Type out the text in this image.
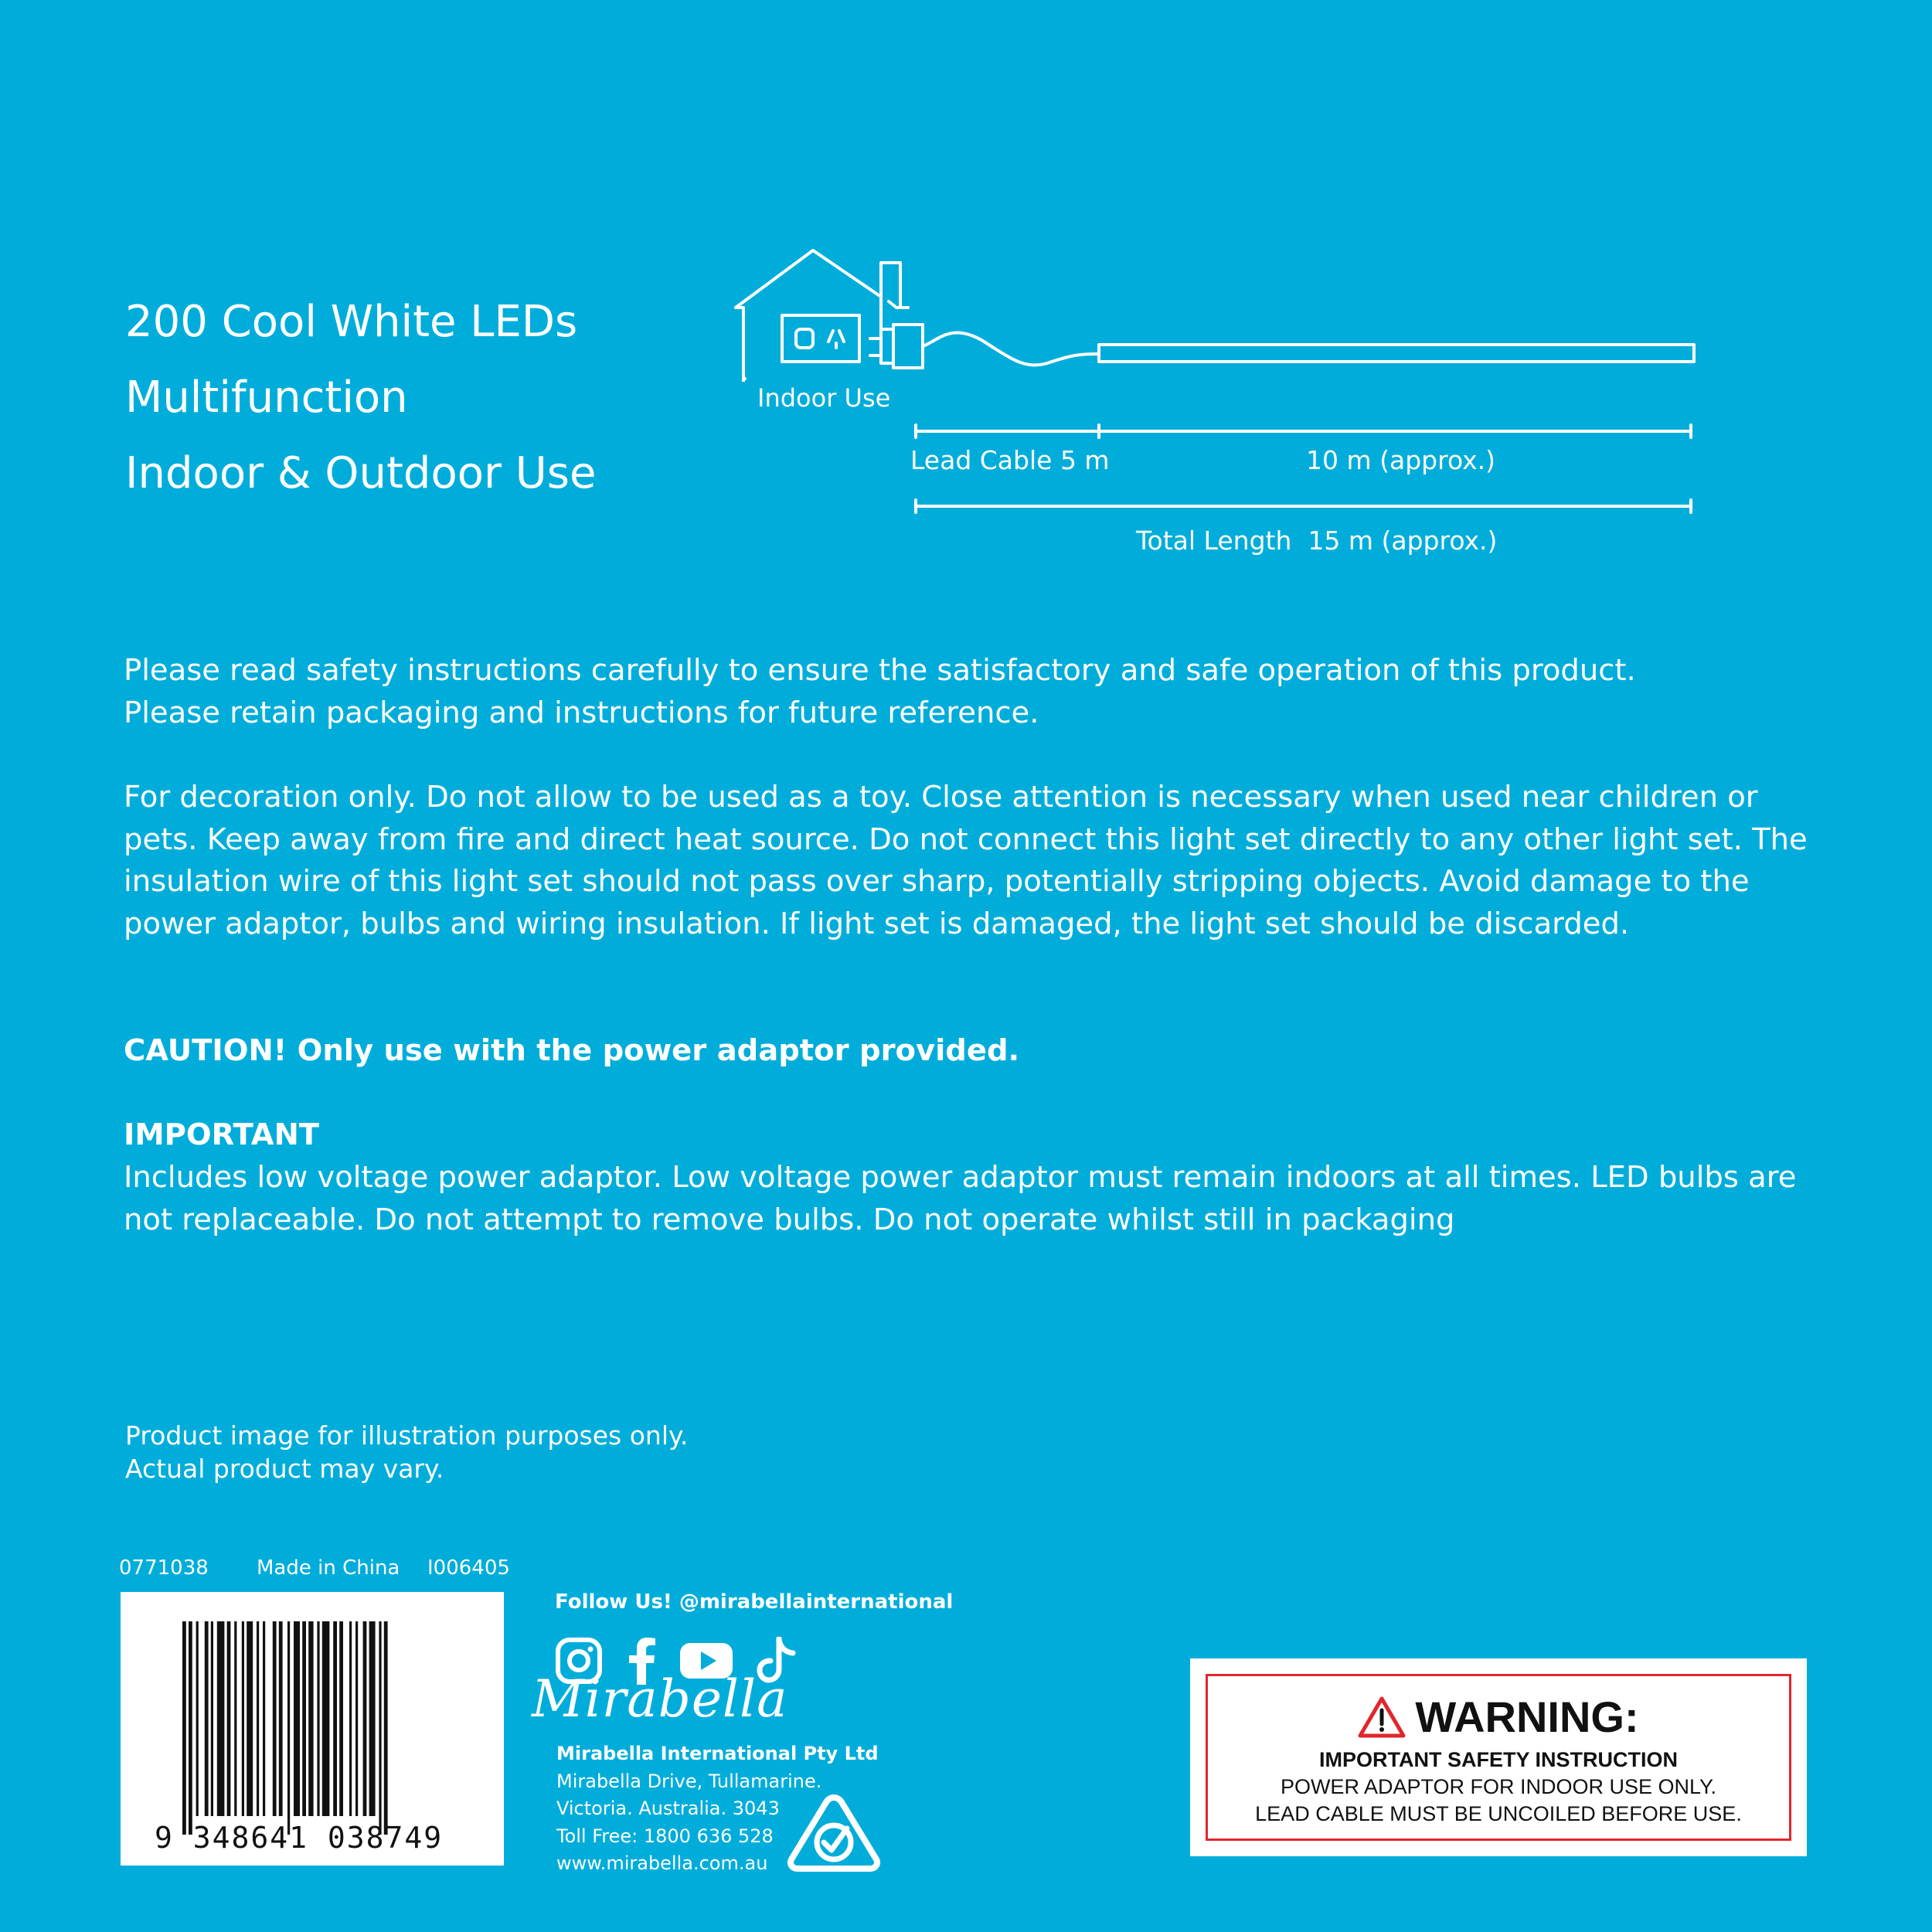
200 Cool White LEDs
Multifunction
Indoor & Outdoor Use
Indoor Use
Lead Cable 5 m	10 m (approx.)
Total Length  15 m (approx.)
Please read safety instructions carefully to ensure the satisfactory and safe operation of this product.
Please retain packaging and instructions for future reference.
For decoration only. Do not allow to be used as a toy. Close attention is necessary when used near children or pets. Keep away from fire and direct heat source. Do not connect this light set directly to any other light set. The insulation wire of this light set should not pass over sharp, potentially stripping objects. Avoid damage to the power adaptor, bulbs and wiring insulation. If light set is damaged, the light set should be discarded.
CAUTION! Only use with the power adaptor provided.
IMPORTANT
Includes low voltage power adaptor. Low voltage power adaptor must remain indoors at all times. LED bulbs are not replaceable. Do not attempt to remove bulbs. Do not operate whilst still in packaging
Product image for illustration purposes only.
Actual product may vary.
0771038 Made in China I006405
9 348641 038749
Follow Us! @mirabellainternational
Mirabella
Mirabella International Pty Ltd
Mirabella Drive, Tullamarine.
Victoria. Australia. 3043
Toll Free: 1800 636 528
www.mirabella.com.au
WARNING:
IMPORTANT SAFETY INSTRUCTION
POWER ADAPTOR FOR INDOOR USE ONLY.
LEAD CABLE MUST BE UNCOILED BEFORE USE.
